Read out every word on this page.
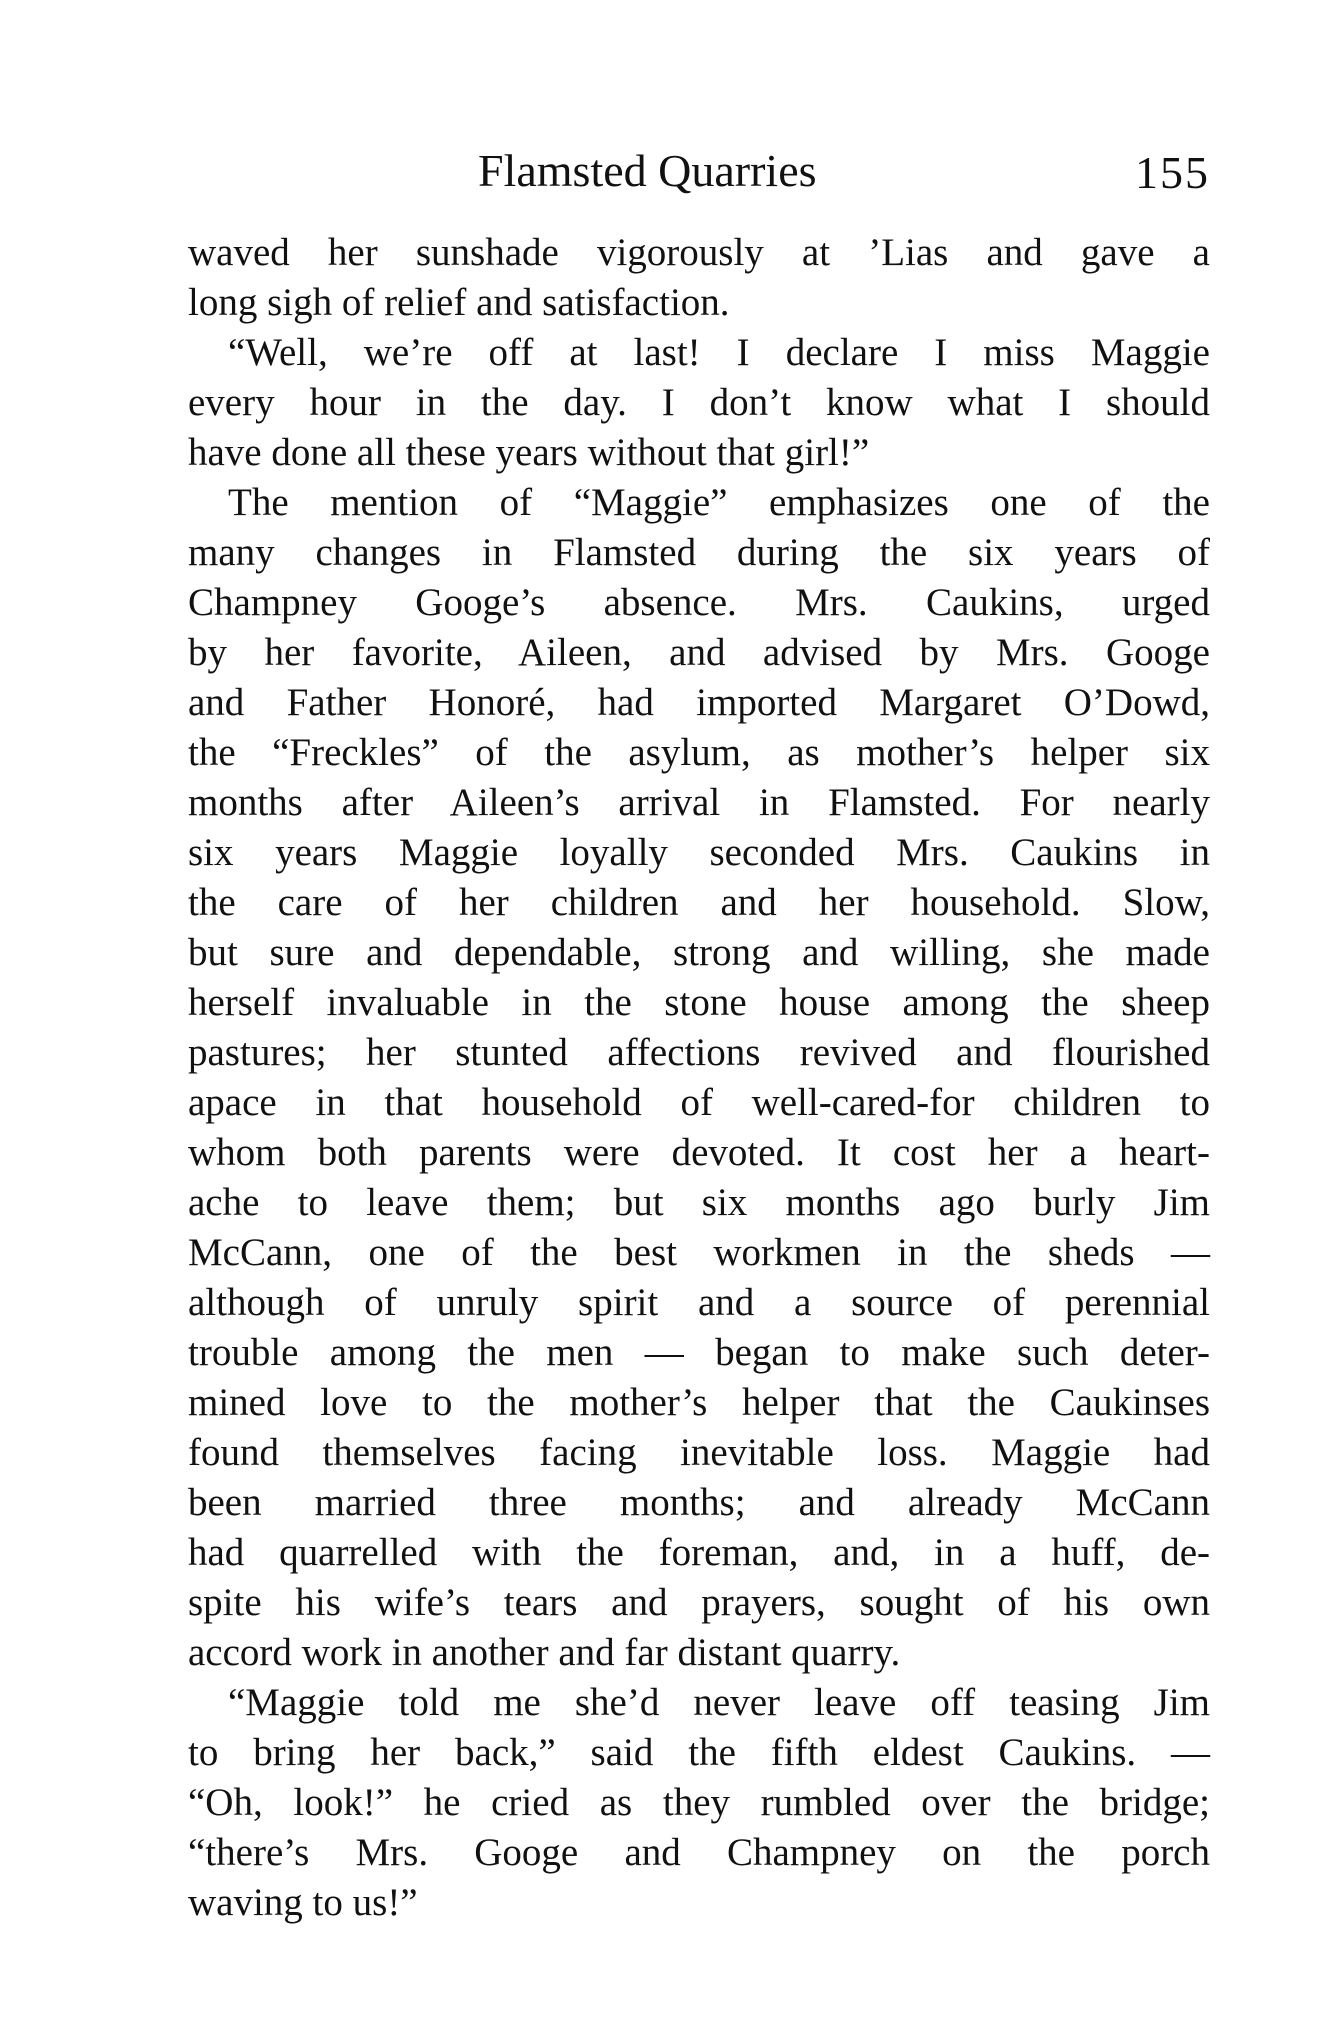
Flamsted Quarries	155
waved her sunshade vigorously at ’Lias and gave a
long sigh of relief and satisfaction.
“Well, we’re off at last! I declare I miss Maggie
every hour in the day. I don’t know what I should
have done all these years without that girl!”
The mention of “Maggie” emphasizes one of the
many changes in Flamsted during the six years of
Champney Googe’s absence. Mrs. Caukins, urged
by her favorite, Aileen, and advised by Mrs. Googe
and Father Honoré, had imported Margaret O’Dowd,
the “Freckles” of the asylum, as mother’s helper six
months after Aileen’s arrival in Flamsted. For nearly
six years Maggie loyally seconded Mrs. Caukins in
the care of her children and her household. Slow,
but sure and dependable, strong and willing, she made
herself invaluable in the stone house among the sheep
pastures; her stunted affections revived and flourished
apace in that household of well-cared-for children to
whom both parents were devoted. It cost her a heart-
ache to leave them; but six months ago burly Jim
McCann, one of the best workmen in the sheds —
although of unruly spirit and a source of perennial
trouble among the men — began to make such deter-
mined love to the mother’s helper that the Caukinses
found themselves facing inevitable loss. Maggie had
been married three months; and already McCann
had quarrelled with the foreman, and, in a huff, de-
spite his wife’s tears and prayers, sought of his own
accord work in another and far distant quarry.
“Maggie told me she’d never leave off teasing Jim
to bring her back,” said the fifth eldest Caukins. —
“Oh, look!” he cried as they rumbled over the bridge;
“there’s Mrs. Googe and Champney on the porch
waving to us!”
